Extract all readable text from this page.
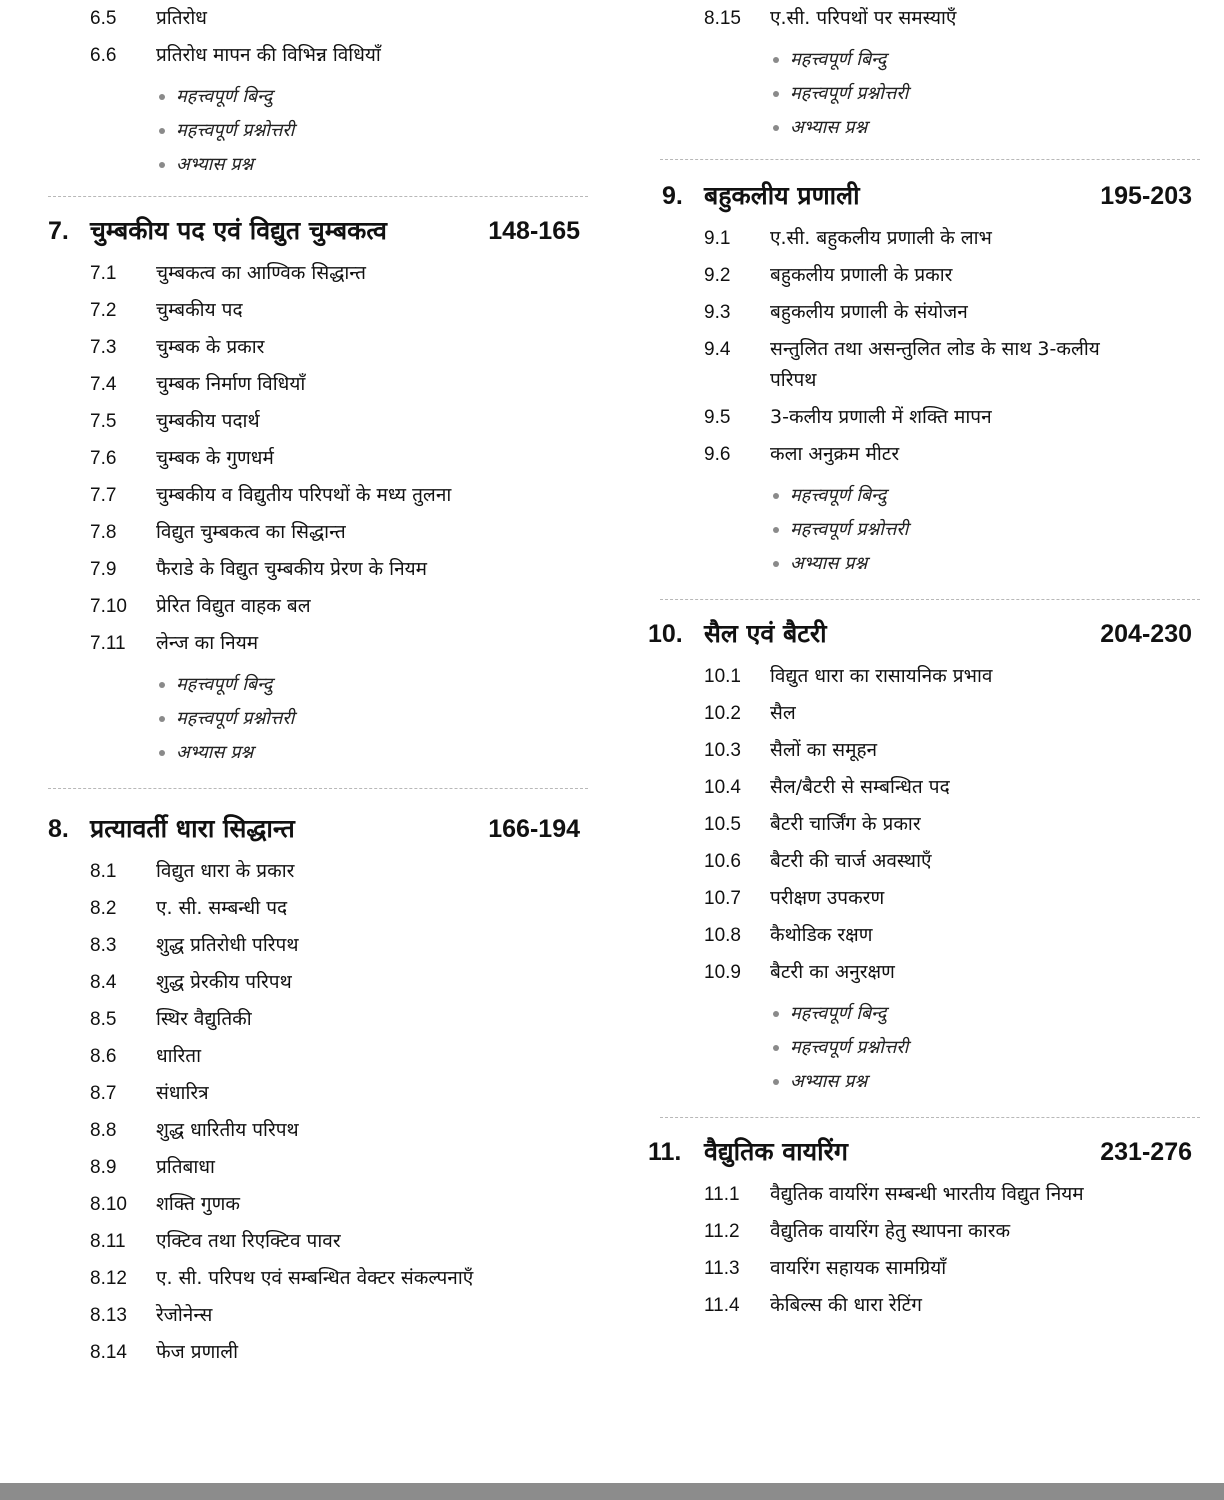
6.5 प्रतिरोध
6.6 प्रतिरोध मापन की विभिन्न विधियाँ
महत्त्वपूर्ण बिन्दु
महत्त्वपूर्ण प्रश्नोत्तरी
अभ्यास प्रश्न
7. चुम्बकीय पद एवं विद्युत चुम्बकत्व	148-165
7.1 चुम्बकत्व का आण्विक सिद्धान्त
7.2 चुम्बकीय पद
7.3 चुम्बक के प्रकार
7.4 चुम्बक निर्माण विधियाँ
7.5 चुम्बकीय पदार्थ
7.6 चुम्बक के गुणधर्म
7.7 चुम्बकीय व विद्युतीय परिपथों के मध्य तुलना
7.8 विद्युत चुम्बकत्व का सिद्धान्त
7.9 फैराडे के विद्युत चुम्बकीय प्रेरण के नियम
7.10 प्रेरित विद्युत वाहक बल
7.11 लेन्ज का नियम
महत्त्वपूर्ण बिन्दु
महत्त्वपूर्ण प्रश्नोत्तरी
अभ्यास प्रश्न
8. प्रत्यावर्ती धारा सिद्धान्त	166-194
8.1 विद्युत धारा के प्रकार
8.2 ए. सी. सम्बन्धी पद
8.3 शुद्ध प्रतिरोधी परिपथ
8.4 शुद्ध प्रेरकीय परिपथ
8.5 स्थिर वैद्युतिकी
8.6 धारिता
8.7 संधारित्र
8.8 शुद्ध धारितीय परिपथ
8.9 प्रतिबाधा
8.10 शक्ति गुणक
8.11 एक्टिव तथा रिएक्टिव पावर
8.12 ए. सी. परिपथ एवं सम्बन्धित वेक्टर संकल्पनाएँ
8.13 रेजोनेन्स
8.14 फेज प्रणाली
8.15 ए.सी. परिपथों पर समस्याएँ
महत्त्वपूर्ण बिन्दु
महत्त्वपूर्ण प्रश्नोत्तरी
अभ्यास प्रश्न
9. बहुकलीय प्रणाली	195-203
9.1 ए.सी. बहुकलीय प्रणाली के लाभ
9.2 बहुकलीय प्रणाली के प्रकार
9.3 बहुकलीय प्रणाली के संयोजन
9.4 सन्तुलित तथा असन्तुलित लोड के साथ 3-कलीय परिपथ
9.5 3-कलीय प्रणाली में शक्ति मापन
9.6 कला अनुक्रम मीटर
महत्त्वपूर्ण बिन्दु
महत्त्वपूर्ण प्रश्नोत्तरी
अभ्यास प्रश्न
10. सैल एवं बैटरी	204-230
10.1 विद्युत धारा का रासायनिक प्रभाव
10.2 सैल
10.3 सैलों का समूहन
10.4 सैल/बैटरी से सम्बन्धित पद
10.5 बैटरी चार्जिंग के प्रकार
10.6 बैटरी की चार्ज अवस्थाएँ
10.7 परीक्षण उपकरण
10.8 कैथोडिक रक्षण
10.9 बैटरी का अनुरक्षण
महत्त्वपूर्ण बिन्दु
महत्त्वपूर्ण प्रश्नोत्तरी
अभ्यास प्रश्न
11. वैद्युतिक वायरिंग	231-276
11.1 वैद्युतिक वायरिंग सम्बन्धी भारतीय विद्युत नियम
11.2 वैद्युतिक वायरिंग हेतु स्थापना कारक
11.3 वायरिंग सहायक सामग्रियाँ
11.4 केबिल्स की धारा रेटिंग
